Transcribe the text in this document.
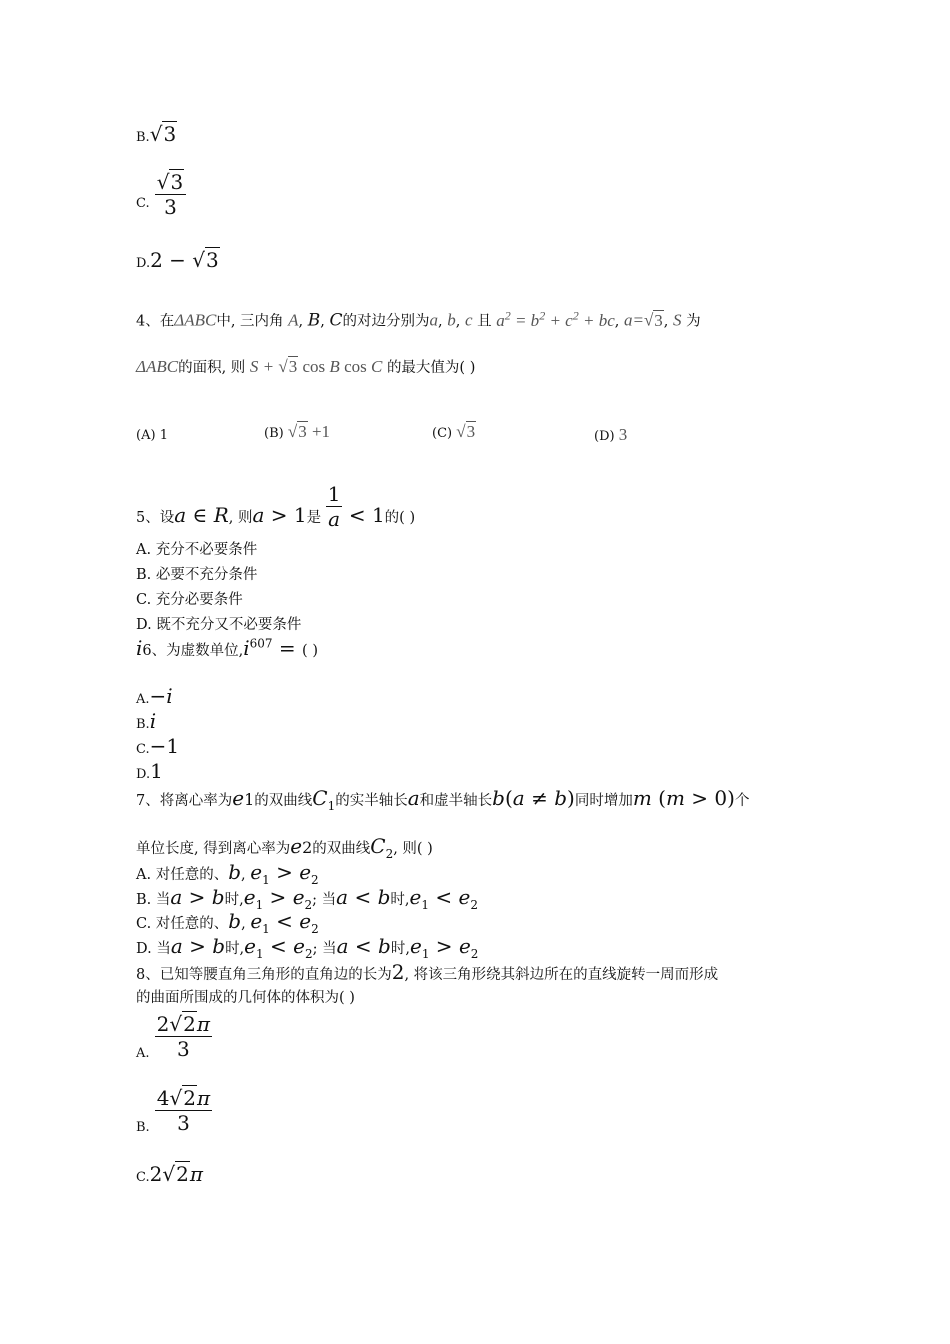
B.√3
$_{C.} \frac{√3}{3}$
D.2 − √3
4、在ΔABC中, 三内角 A, B, C的对边分别为a, b, c 且 $a^2 = b^2 + c^2$ + bc, a=√3, S 为
ΔABC的面积, 则 S + √3 cos B cos C 的最大值为( )
(A) 1	(B) √3 +1	(C) √3	(D) 3
5、设a ∈ R, 则a > 1是 $\frac{1}{a} < 1$的( )
A. 充分不必要条件
B. 必要不充分条件
C. 充分必要条件
D. 既不充分又不必要条件
i6、为虚数单位$,i^{607}$ = ( )
A.−i
B.i
C.−1
D.1
7、将离心率为e1的双曲线$C_1$的实半轴长a和虚半轴长b(a ≠ b)同时增加m (m > 0)个
单位长度, 得到离心率为e2的双曲线$C_2$, 则( )
A. 对任意的、b, $e_1 > e_2$
B. 当a > b时$,e_1 > e_2$; 当a < b时$,e_1 < e_2$
C. 对任意的、b, $e_1 < e_2$
D. 当a > b时$,e_1 < e_2$; 当a < b时$,e_1 > e_2$
8、已知等腰直角三角形的直角边的长为2, 将该三角形绕其斜边所在的直线旋转一周而形成
的曲面所围成的几何体的体积为( )
$_{A.} \frac{2√2\pi}{3}$
$_{B.} \frac{4√2\pi}{3}$
C.2√2π
